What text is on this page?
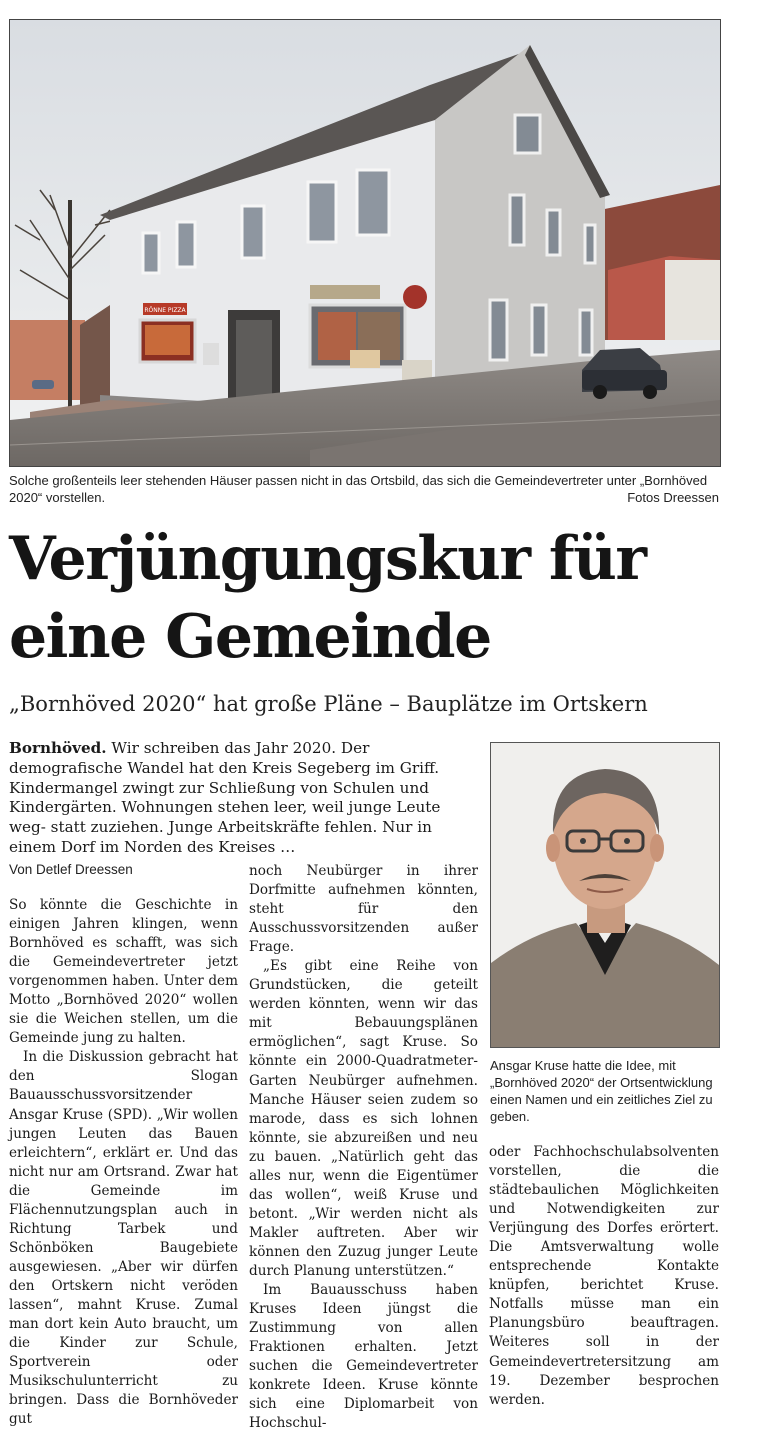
RÖNNE PIZZA
Solche großenteils leer stehenden Häuser passen nicht in das Ortsbild, das sich die Gemeindevertreter unter „Bornhöved 2020“ vorstellen.	Fotos Dreessen
Verjüngungskur für
eine Gemeinde
„Bornhöved 2020“ hat große Pläne – Bauplätze im Ortskern
Bornhöved. Wir schreiben das Jahr 2020. Der demografische Wandel hat den Kreis Segeberg im Griff. Kindermangel zwingt zur Schließung von Schulen und Kindergärten. Wohnungen stehen leer, weil junge Leute weg- statt zuziehen. Junge Arbeitskräfte fehlen. Nur in einem Dorf im Norden des Kreises …
Von Detlef Dreessen

So könnte die Geschichte in einigen Jahren klingen, wenn Bornhöved es schafft, was sich die Gemeindevertreter jetzt vorgenommen haben. Unter dem Motto „Bornhöved 2020“ wollen sie die Weichen stellen, um die Gemeinde jung zu halten.

In die Diskussion gebracht hat den Slogan Bauausschussvorsitzender Ansgar Kruse (SPD). „Wir wollen jungen Leuten das Bauen erleichtern“, erklärt er. Und das nicht nur am Ortsrand. Zwar hat die Gemeinde im Flächennutzungsplan auch in Richtung Tarbek und Schönböken Baugebiete ausgewiesen. „Aber wir dürfen den Ortskern nicht veröden lassen“, mahnt Kruse. Zumal man dort kein Auto braucht, um die Kinder zur Schule, Sportverein oder Musikschulunterricht zu bringen. Dass die Bornhöveder gut

noch Neubürger in ihrer Dorfmitte aufnehmen könnten, steht für den Ausschussvorsitzenden außer Frage.

„Es gibt eine Reihe von Grundstücken, die geteilt werden könnten, wenn wir das mit Bebauungsplänen ermöglichen“, sagt Kruse. So könnte ein 2000-Quadratmeter-Garten Neubürger aufnehmen. Manche Häuser seien zudem so marode, dass es sich lohnen könnte, sie abzureißen und neu zu bauen. „Natürlich geht das alles nur, wenn die Eigentümer das wollen“, weiß Kruse und betont. „Wir werden nicht als Makler auftreten. Aber wir können den Zuzug junger Leute durch Planung unterstützen.“

Im Bauausschuss haben Kruses Ideen jüngst die Zustimmung von allen Fraktionen erhalten. Jetzt suchen die Gemeindevertreter konkrete Ideen. Kruse könnte sich eine Diplomarbeit von Hochschul-

Ansgar Kruse hatte die Idee, mit „Bornhöved 2020“ der Ortsentwicklung einen Namen und ein zeitliches Ziel zu geben.

oder Fachhochschulabsolventen vorstellen, die die städtebaulichen Möglichkeiten und Notwendigkeiten zur Verjüngung des Dorfes erörtert. Die Amtsverwaltung wolle entsprechende Kontakte knüpfen, berichtet Kruse. Notfalls müsse man ein Planungsbüro beauftragen. Weiteres soll in der Gemeindevertretersitzung am 19. Dezember besprochen werden.
